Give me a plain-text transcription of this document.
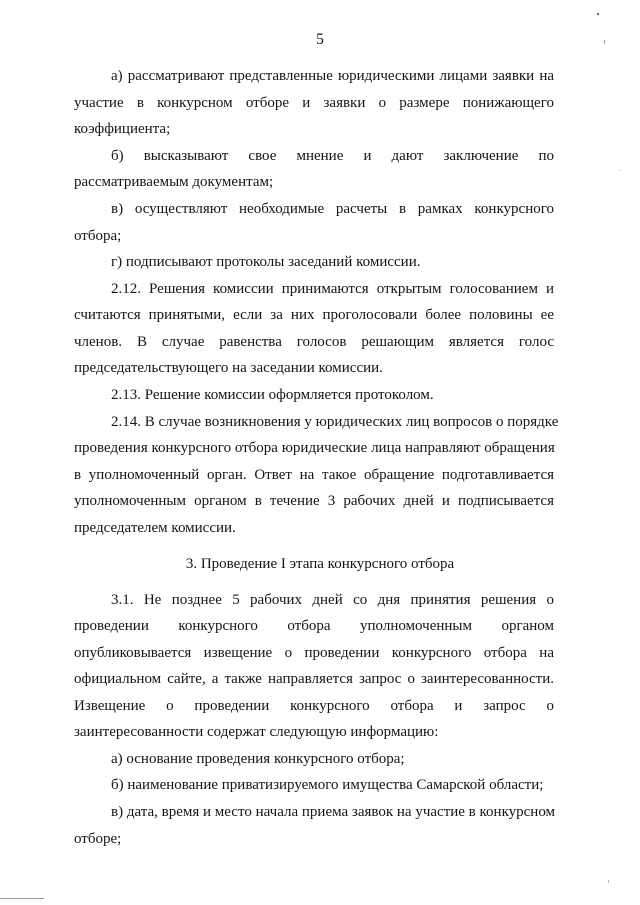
5
а) рассматривают представленные юридическими лицами заявки на
участие в конкурсном отборе и заявки о размере понижающего
коэффициента;
б) высказывают свое мнение и дают заключение по
рассматриваемым документам;
в) осуществляют необходимые расчеты в рамках конкурсного
отбора;
г) подписывают протоколы заседаний комиссии.
2.12. Решения комиссии принимаются открытым голосованием и
считаются принятыми, если за них проголосовали более половины ее
членов. В случае равенства голосов решающим является голос
председательствующего на заседании комиссии.
2.13. Решение комиссии оформляется протоколом.
2.14. В случае возникновения у юридических лиц вопросов о порядке
проведения конкурсного отбора юридические лица направляют обращения
в уполномоченный орган. Ответ на такое обращение подготавливается
уполномоченным органом в течение 3 рабочих дней и подписывается
председателем комиссии.
3. Проведение I этапа конкурсного отбора
3.1. Не позднее 5 рабочих дней со дня принятия решения о
проведении конкурсного отбора уполномоченным органом
опубликовывается извещение о проведении конкурсного отбора на
официальном сайте, а также направляется запрос о заинтересованности.
Извещение о проведении конкурсного отбора и запрос о
заинтересованности содержат следующую информацию:
а) основание проведения конкурсного отбора;
б) наименование приватизируемого имущества Самарской области;
в) дата, время и место начала приема заявок на участие в конкурсном
отборе;
